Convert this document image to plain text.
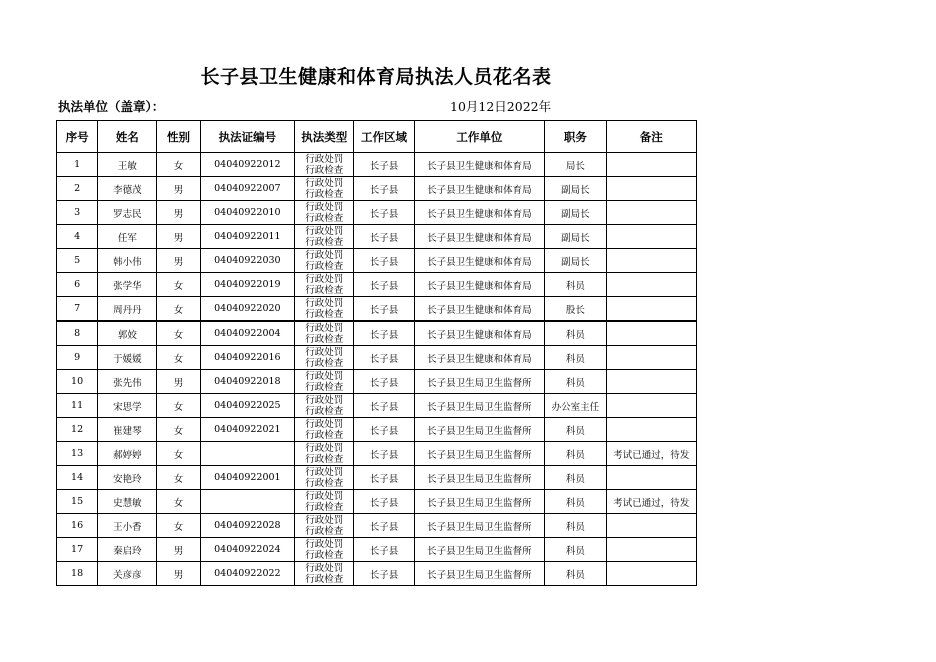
长子县卫生健康和体育局执法人员花名表
执法单位（盖章）：	10月12日2022年
序号	姓名	性别	执法证编号	执法类型	工作区域	工作单位	职务	备注
1	王敏	女	04040922012	行政处罚
行政检查	长子县	长子县卫生健康和体育局	局长	
2	李德茂	男	04040922007	行政处罚
行政检查	长子县	长子县卫生健康和体育局	副局长	
3	罗志民	男	04040922010	行政处罚
行政检查	长子县	长子县卫生健康和体育局	副局长	
4	任军	男	04040922011	行政处罚
行政检查	长子县	长子县卫生健康和体育局	副局长	
5	韩小伟	男	04040922030	行政处罚
行政检查	长子县	长子县卫生健康和体育局	副局长	
6	张学华	女	04040922019	行政处罚
行政检查	长子县	长子县卫生健康和体育局	科员	
7	周丹丹	女	04040922020	行政处罚
行政检查	长子县	长子县卫生健康和体育局	股长	
8	郭姣	女	04040922004	行政处罚
行政检查	长子县	长子县卫生健康和体育局	科员	
9	于媛媛	女	04040922016	行政处罚
行政检查	长子县	长子县卫生健康和体育局	科员	
10	张先伟	男	04040922018	行政处罚
行政检查	长子县	长子县卫生局卫生监督所	科员	
11	宋思学	女	04040922025	行政处罚
行政检查	长子县	长子县卫生局卫生监督所	办公室主任	
12	崔建琴	女	04040922021	行政处罚
行政检查	长子县	长子县卫生局卫生监督所	科员	
13	郝婷婷	女		行政处罚
行政检查	长子县	长子县卫生局卫生监督所	科员	考试已通过，待发
14	安艳玲	女	04040922001	行政处罚
行政检查	长子县	长子县卫生局卫生监督所	科员	
15	史慧敏	女		行政处罚
行政检查	长子县	长子县卫生局卫生监督所	科员	考试已通过，待发
16	王小香	女	04040922028	行政处罚
行政检查	长子县	长子县卫生局卫生监督所	科员	
17	秦启玲	男	04040922024	行政处罚
行政检查	长子县	长子县卫生局卫生监督所	科员	
18	关彦彦	男	04040922022	行政处罚
行政检查	长子县	长子县卫生局卫生监督所	科员	
